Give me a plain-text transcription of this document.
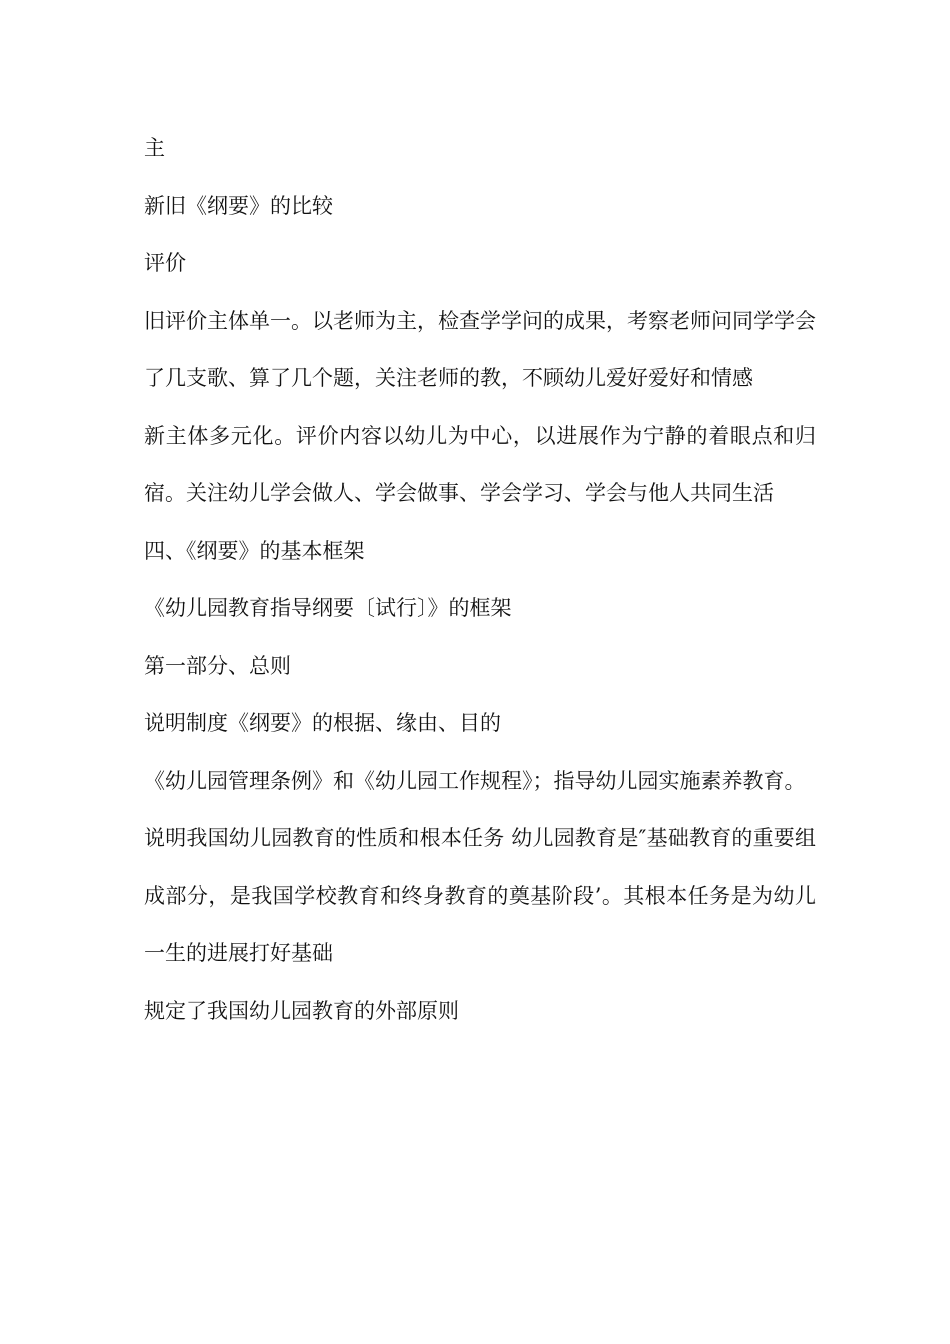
主

新旧《纲要》的比较

评价

旧评价主体单一。以老师为主，检查学学问的成果，考察老师问同学学会了几支歌、算了几个题，关注老师的教，不顾幼儿爱好爱好和情感

新主体多元化。评价内容以幼儿为中心，以进展作为宁静的着眼点和归宿。关注幼儿学会做人、学会做事、学会学习、学会与他人共同生活

四、《纲要》的基本框架

《幼儿园教育指导纲要〔试行〕》的框架

第一部分、总则

说明制度《纲要》的根据、缘由、目的

《幼儿园管理条例》和《幼儿园工作规程》；指导幼儿园实施素养教育。

说明我国幼儿园教育的性质和根本任务 幼儿园教育是″基础教育的重要组成部分，是我国学校教育和终身教育的奠基阶段’。其根本任务是为幼儿一生的进展打好基础

规定了我国幼儿园教育的外部原则
